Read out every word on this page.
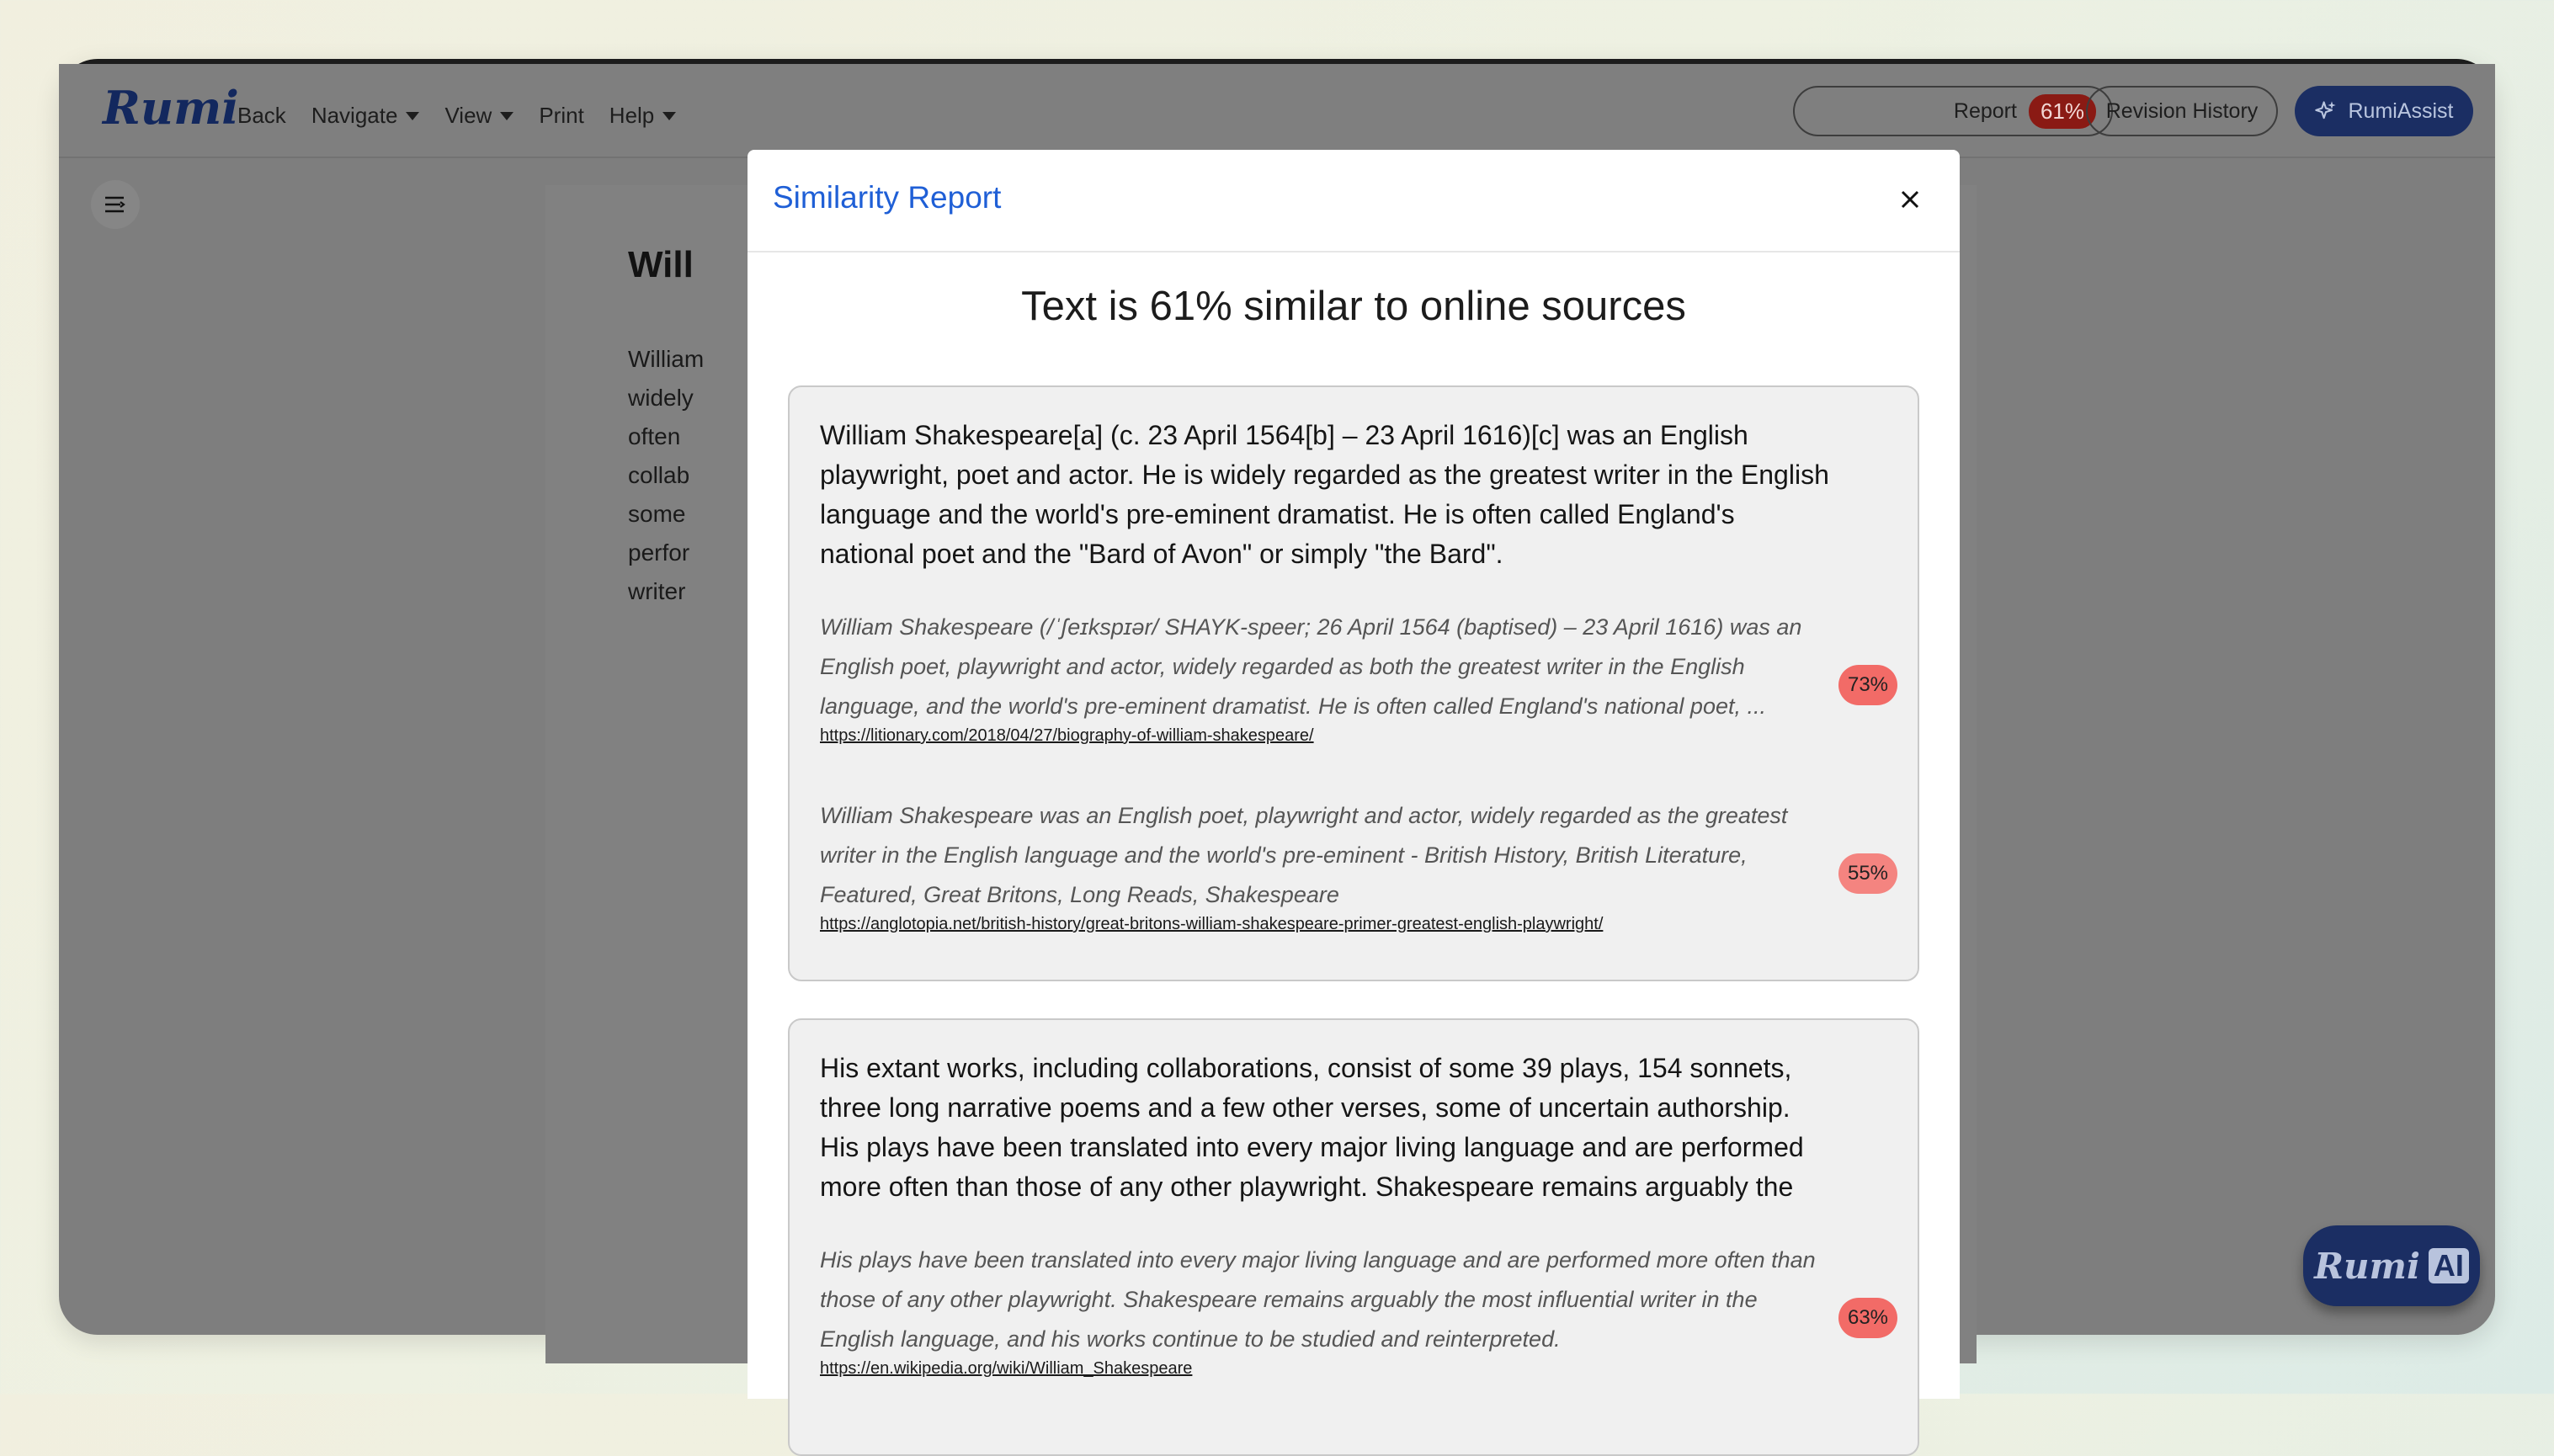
Rumi
Back Navigate View Print Help	Report	61%	Revision History	RumiAssist
Will
William
widely
often
collab
some
perfor
writer
Rumi AI
Similarity Report
Text is 61% similar to online sources
William Shakespeare[a] (c. 23 April 1564[b] – 23 April 1616)[c] was an English playwright, poet and actor. He is widely regarded as the greatest writer in the English language and the world's pre-eminent dramatist. He is often called England's national poet and the "Bard of Avon" or simply "the Bard".
William Shakespeare (/ˈʃeɪkspɪər/ SHAYK-speer; 26 April 1564 (baptised) – 23 April 1616) was an English poet, playwright and actor, widely regarded as both the greatest writer in the English language, and the world's pre-eminent dramatist. He is often called England's national poet, ...
https://litionary.com/2018/04/27/biography-of-william-shakespeare/
73%
William Shakespeare was an English poet, playwright and actor, widely regarded as the greatest writer in the English language and the world's pre-eminent - British History, British Literature, Featured, Great Britons, Long Reads, Shakespeare
https://anglotopia.net/british-history/great-britons-william-shakespeare-primer-greatest-english-playwright/
55%
His extant works, including collaborations, consist of some 39 plays, 154 sonnets, three long narrative poems and a few other verses, some of uncertain authorship. His plays have been translated into every major living language and are performed more often than those of any other playwright. Shakespeare remains arguably the
His plays have been translated into every major living language and are performed more often than those of any other playwright. Shakespeare remains arguably the most influential writer in the English language, and his works continue to be studied and reinterpreted.
https://en.wikipedia.org/wiki/William_Shakespeare
63%
